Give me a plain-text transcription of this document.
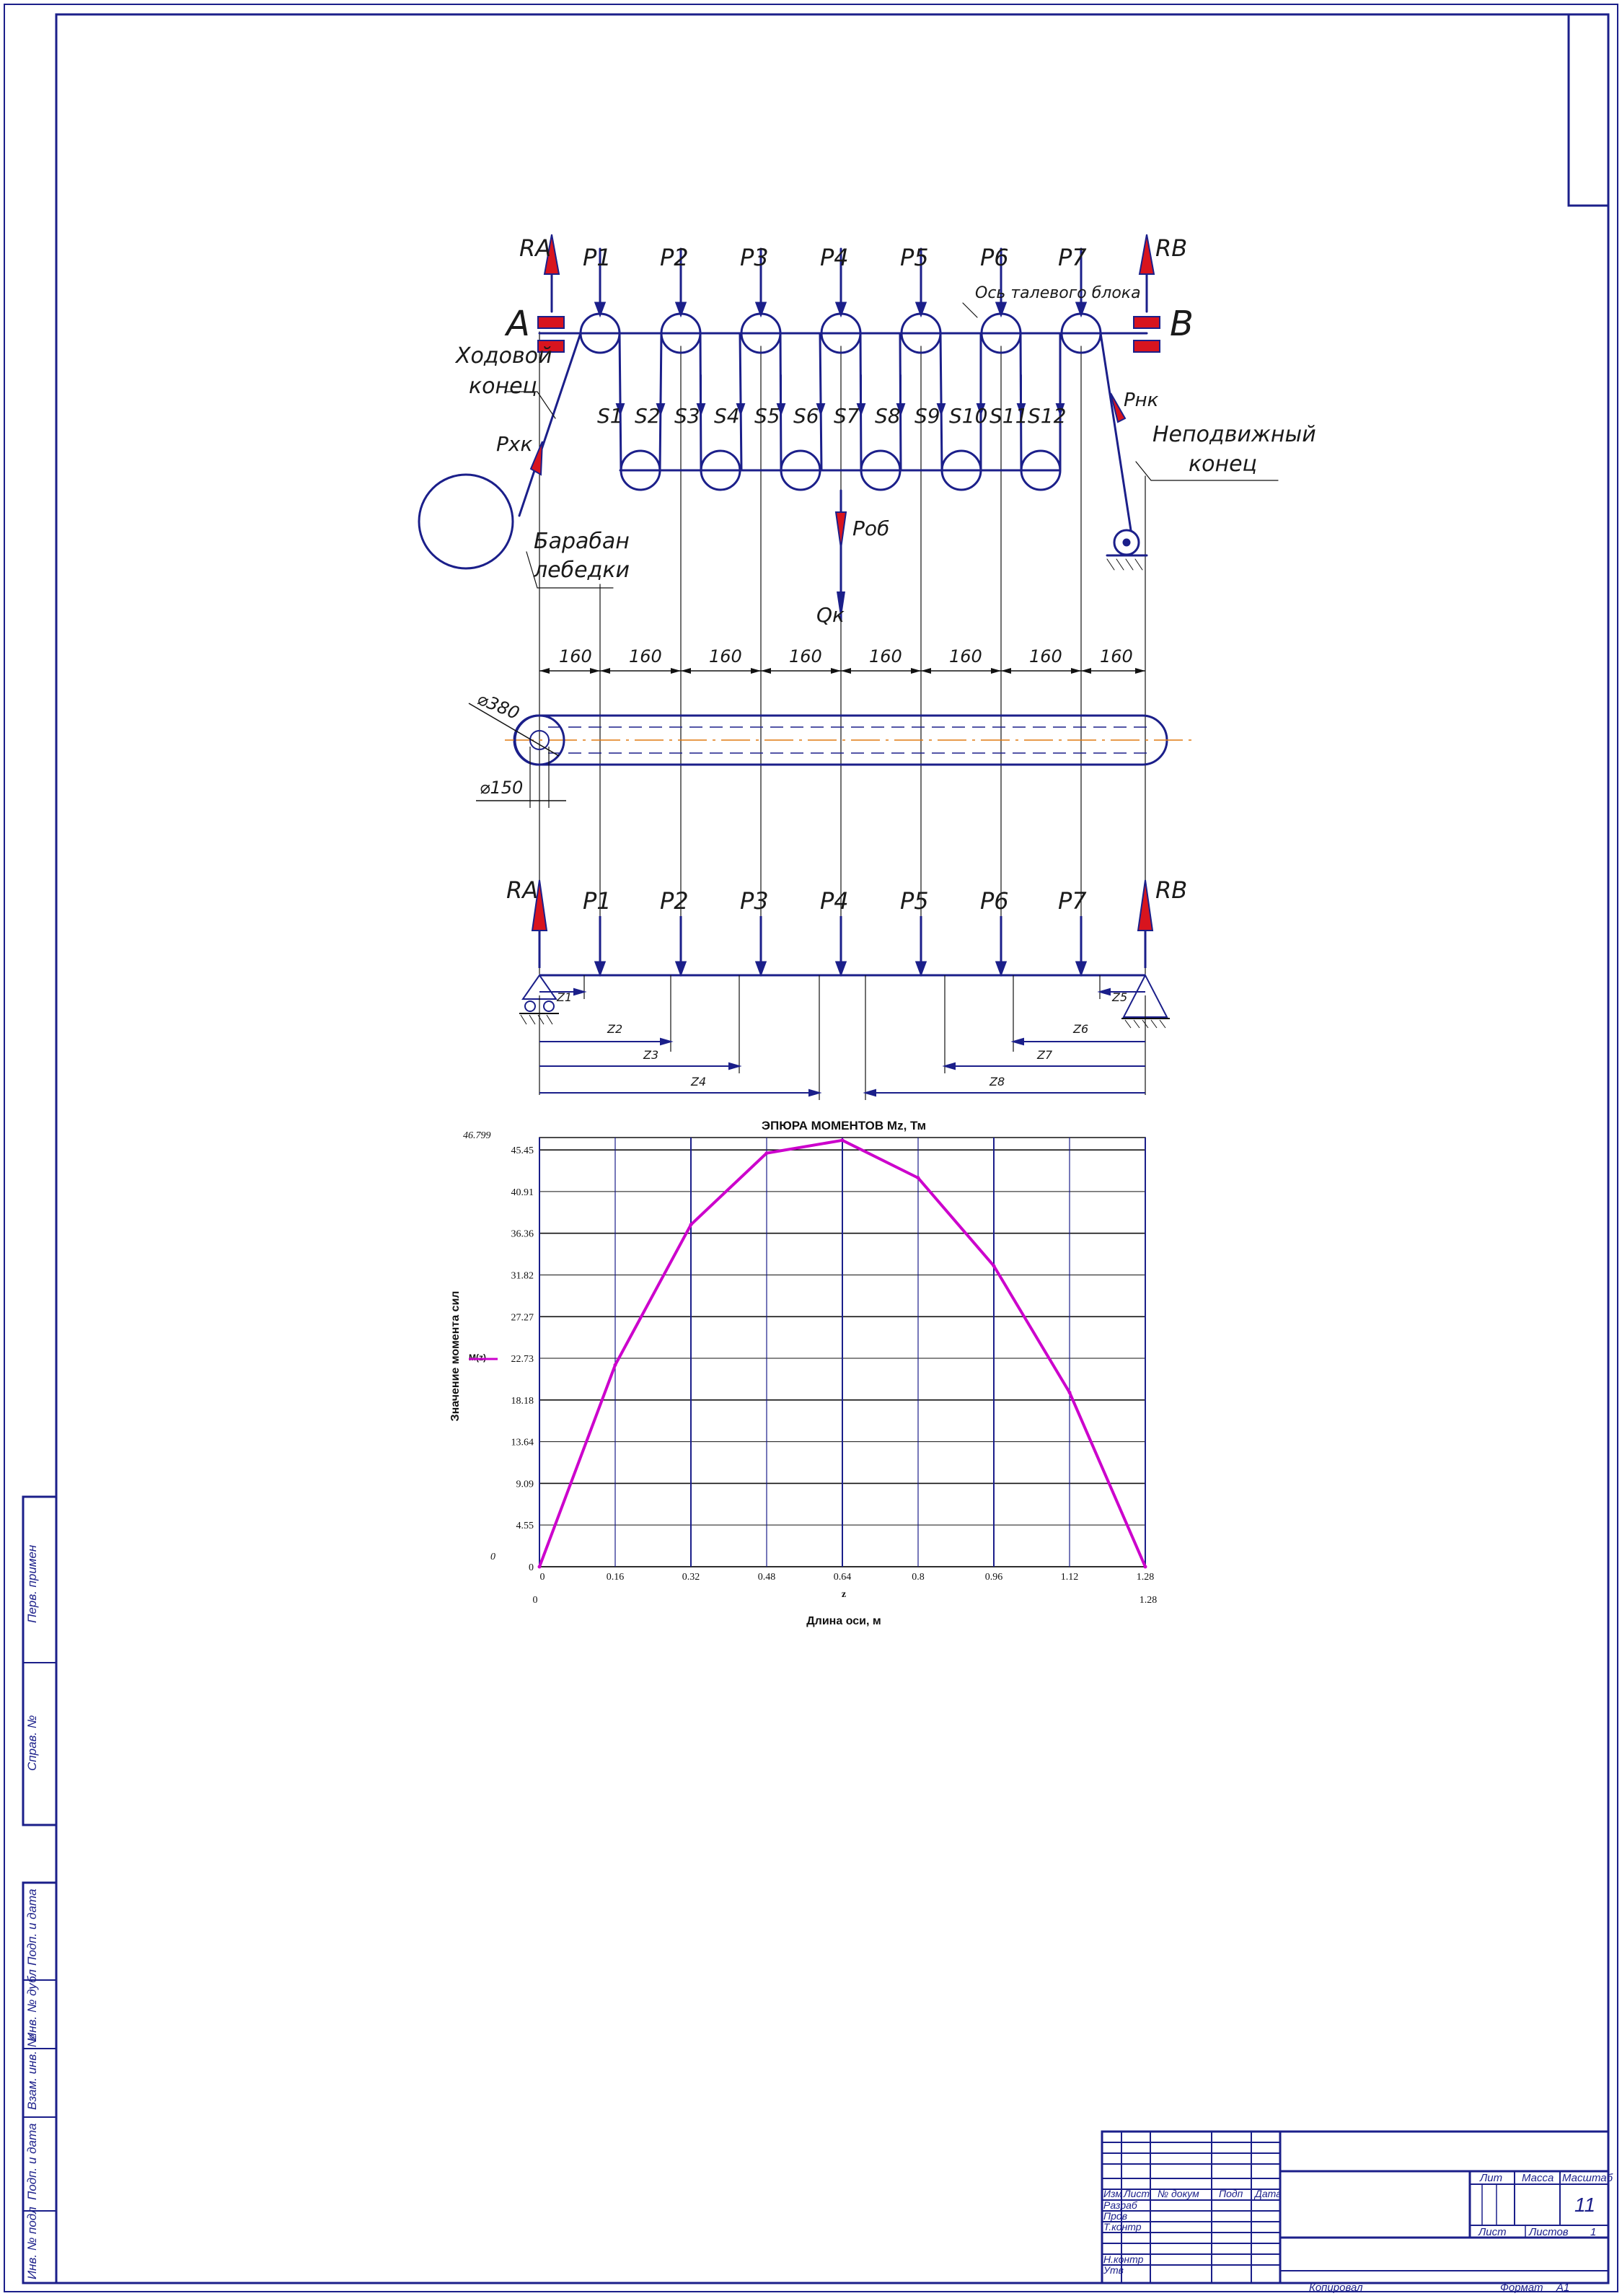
Перв. примен
Справ. №
Подп. и дата
Инв. № дубл
Взам. инв. №
Подп. и дата
Инв. № подл
A	B
RA	RB
P1 P2 P3 P4 P5 P6 P7
S1 S2 S3 S4 S5 S6 S7 S8 S9 S10 S11 S12
Ось талевого блока
Ходовой
конец
Неподвижный
конец
Барабан
лебедки
Рхк
Рнк
Роб
Qк
160 160	160	160	160	160	160 160
⌀380
⌀150
RA	RB
P1 P2 P3 P4 P5 P6 P7
Z1
Z2
Z3
Z4	Z8
Z7
Z6
Z5
0
4.55
9.09
13.64
18.18
22.73
27.27
31.82
36.36
40.91
45.45
0	0.16	0.32	0.48	0.64	0.8	0.96	1.12	1.28
ЭПЮРА МОМЕНТОВ Mz, Тм
Длина оси, м
z
Значение момента сил M(z)
46.799
0
0	1.28
Изм Лист № докум Подп Дата
Разраб
Пров
Т.контр
Н.контр
Утв
Лит Масса Масштаб
11
Лист Листов 1
Копировал	Формат A1
